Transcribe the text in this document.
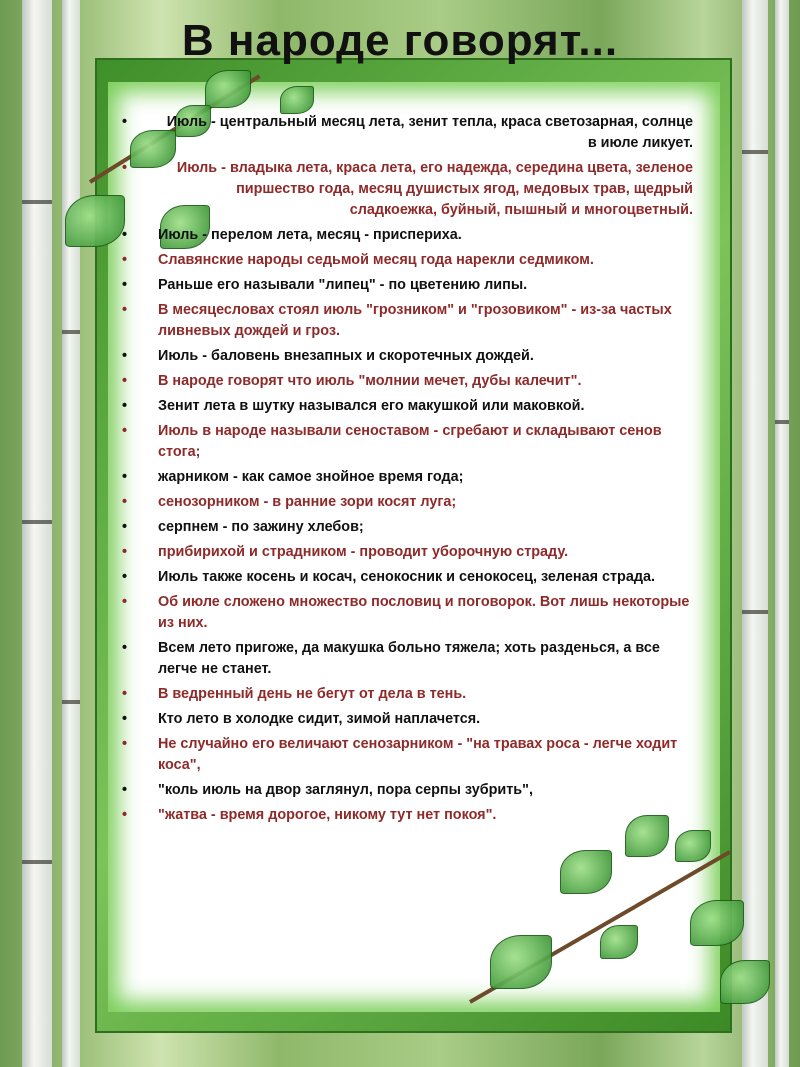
В народе говорят...
• Июль - центральный месяц лета, зенит тепла, краса светозарная, солнце в июле ликует.
• Июль - владыка лета, краса лета, его надежда, середина цвета, зеленое пиршество года, месяц душистых ягод, медовых трав, щедрый сладкоежка, буйный, пышный и многоцветный.
• Июль - перелом лета, месяц - приспериха.
• Славянские народы седьмой месяц года нарекли седмиком.
• Раньше его называли "липец" - по цветению липы.
• В месяцесловах стоял июль "грозником" и "грозовиком" - из-за частых ливневых дождей и гроз.
• Июль - баловень внезапных и скоротечных дождей.
• В народе говорят что июль "молнии мечет, дубы калечит".
• Зенит лета в шутку назывался его макушкой или маковкой.
• Июль в народе называли сеноставом - сгребают и складывают сенов стога;
• жарником - как самое знойное время года;
• сенозорником - в ранние зори косят луга;
• серпнем - по зажину хлебов;
• прибирихой и страдником - проводит уборочную страду.
• Июль также косень и косач, сенокосник и сенокосец, зеленая страда.
• Об июле сложено множество пословиц и поговорок. Вот лишь некоторые из них.
• Всем лето пригоже, да макушка больно тяжела; хоть разденься, а все легче не станет.
• В ведренный день не бегут от дела в тень.
• Кто лето в холодке сидит, зимой наплачется.
• Не случайно его величают сенозарником - "на травах роса - легче ходит коса",
• "коль июль на двор заглянул, пора серпы зубрить",
• "жатва - время дорогое, никому тут нет покоя".
